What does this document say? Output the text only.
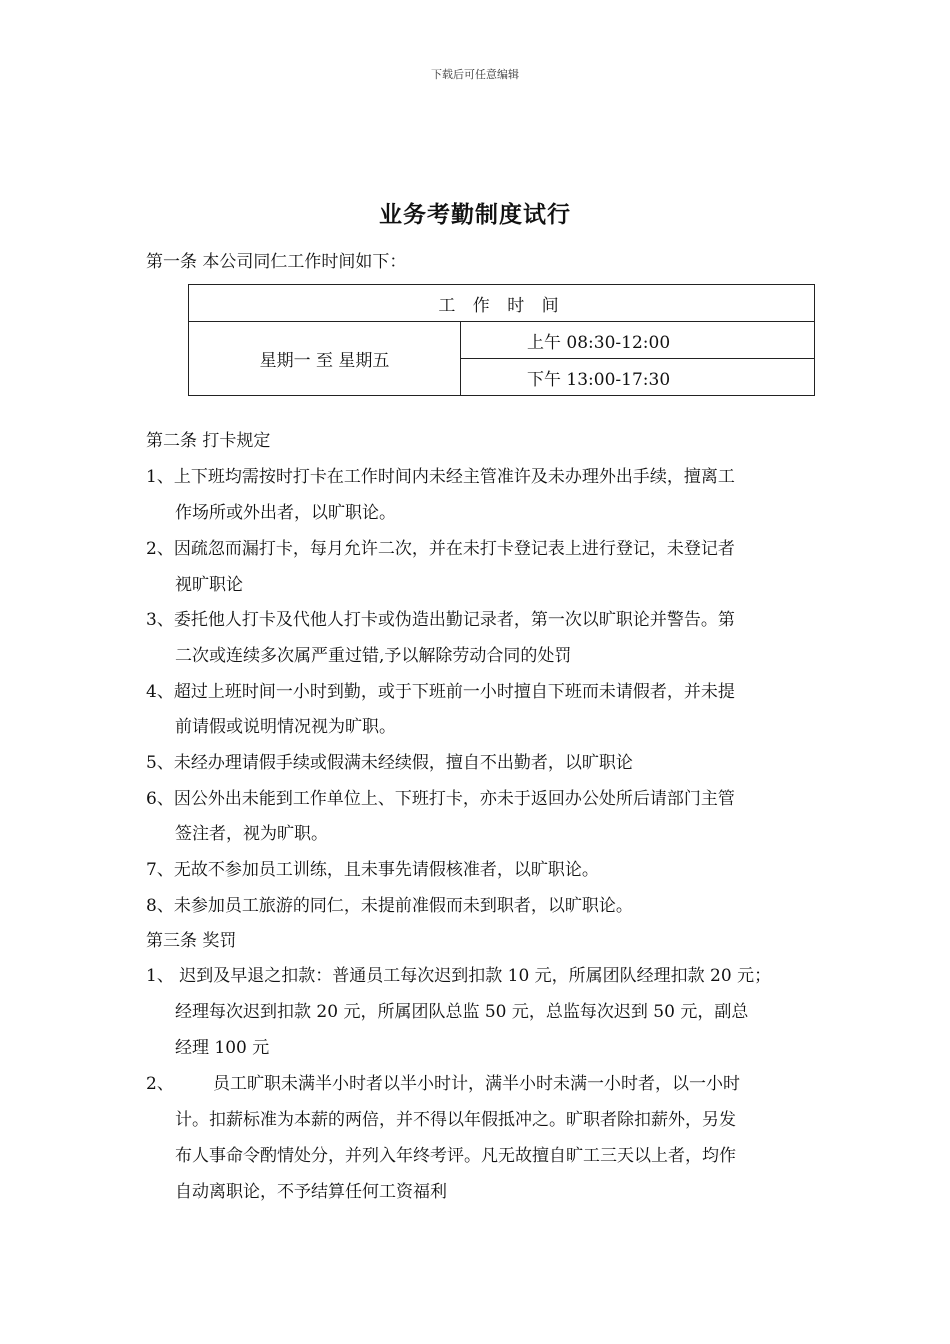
下载后可任意编辑
业务考勤制度试行
第一条 本公司同仁工作时间如下：
工 作 时 间
星期一 至 星期五	上午 08:30-12:00
下午 13:00-17:30
第二条 打卡规定
1、上下班均需按时打卡在工作时间内未经主管准许及未办理外出手续，擅离工
作场所或外出者，以旷职论。
2、因疏忽而漏打卡，每月允许二次，并在未打卡登记表上进行登记，未登记者
视旷职论
3、委托他人打卡及代他人打卡或伪造出勤记录者，第一次以旷职论并警告。第
二次或连续多次属严重过错,予以解除劳动合同的处罚
4、超过上班时间一小时到勤，或于下班前一小时擅自下班而未请假者，并未提
前请假或说明情况视为旷职。
5、未经办理请假手续或假满未经续假，擅自不出勤者，以旷职论
6、因公外出未能到工作单位上、下班打卡，亦未于返回办公处所后请部门主管
签注者，视为旷职。
7、无故不参加员工训练，且未事先请假核准者，以旷职论。
8、未参加员工旅游的同仁，未提前准假而未到职者，以旷职论。
第三条 奖罚
1、 迟到及早退之扣款：普通员工每次迟到扣款 10 元，所属团队经理扣款 20 元；
经理每次迟到扣款 20 元，所属团队总监 50 元，总监每次迟到 50 元，副总
经理 100 元
2、 员工旷职未满半小时者以半小时计，满半小时未满一小时者，以一小时
计。扣薪标准为本薪的两倍，并不得以年假抵冲之。旷职者除扣薪外，另发
布人事命令酌情处分，并列入年终考评。凡无故擅自旷工三天以上者，均作
自动离职论，不予结算任何工资福利
